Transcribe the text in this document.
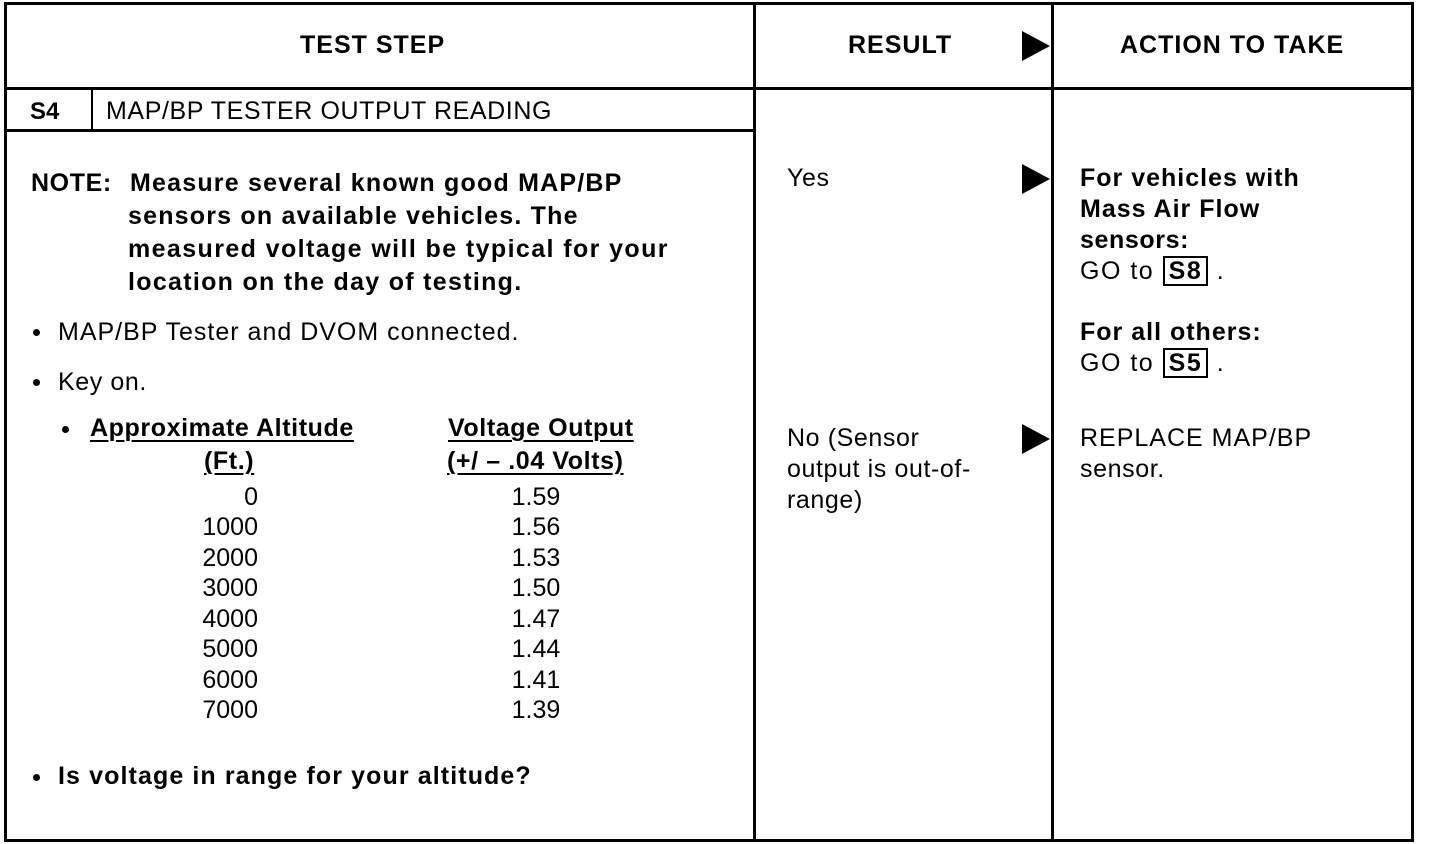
TEST STEP	RESULT	ACTION TO TAKE
S4 MAP/BP TESTER OUTPUT READING
NOTE: Measure several known good MAP/BP
sensors on available vehicles. The
measured voltage will be typical for your
location on the day of testing.
MAP/BP Tester and DVOM connected.
Key on.
Approximate Altitude
(Ft.)
Voltage Output
(+/ – .04 Volts)
0
1000
2000
3000
4000
5000
6000
7000
1.59
1.56
1.53
1.50
1.47
1.44
1.41
1.39
Is voltage in range for your altitude?
Yes
No (Sensor
output is out-of-
range)
For vehicles with
Mass Air Flow
sensors:
GO to S8 .
For all others:
GO to S5 .
REPLACE MAP/BP
sensor.
